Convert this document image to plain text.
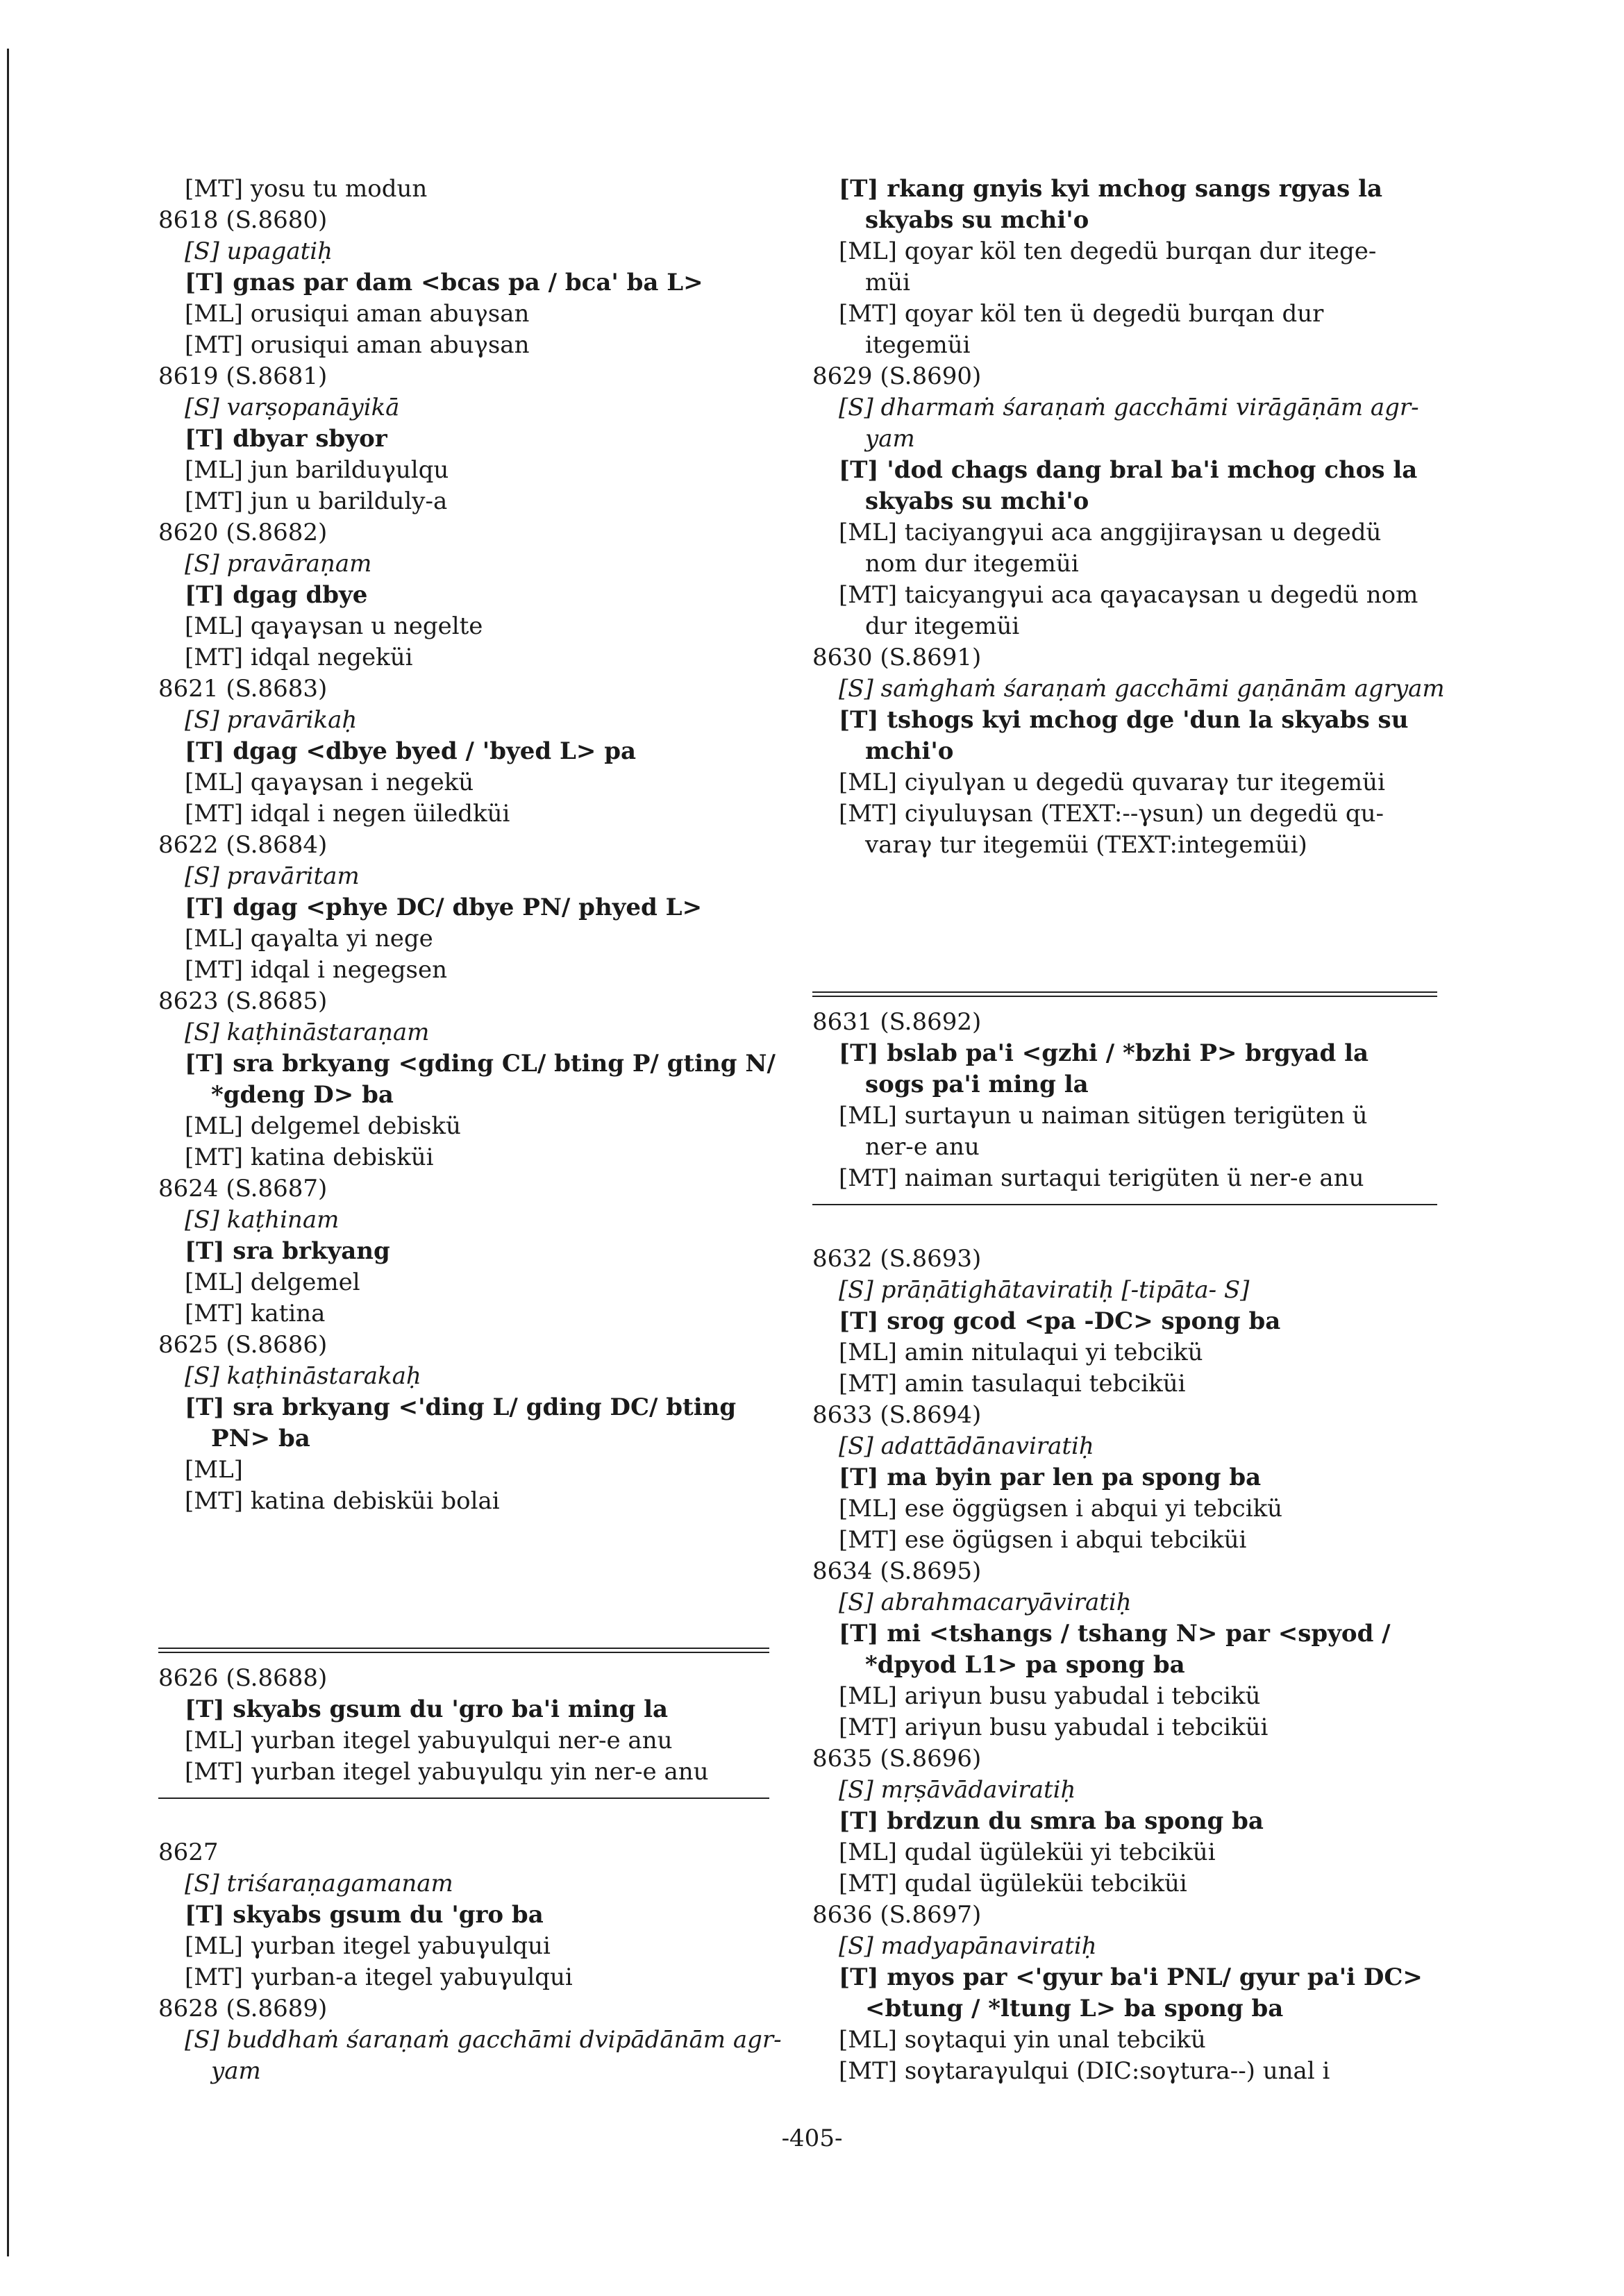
[MT] yosu tu modun
8618 (S.8680)
[S] upagatiḥ
[T] gnas par dam <bcas pa / bca' ba L>
[ML] orusiqui aman abuγsan
[MT] orusiqui aman abuγsan
8619 (S.8681)
[S] varṣopanāyikā
[T] dbyar sbyor
[ML] jun barilduγulqu
[MT] jun u barilduly-a
8620 (S.8682)
[S] pravāraṇam
[T] dgag dbye
[ML] qaγaγsan u negelte
[MT] idqal negeküi
8621 (S.8683)
[S] pravārikaḥ
[T] dgag <dbye byed / 'byed L> pa
[ML] qaγaγsan i negekü
[MT] idqal i negen üiledküi
8622 (S.8684)
[S] pravāritam
[T] dgag <phye DC/ dbye PN/ phyed L>
[ML] qaγalta yi nege
[MT] idqal i negegsen
8623 (S.8685)
[S] kaṭhināstaraṇam
[T] sra brkyang <gding CL/ bting P/ gting N/
*gdeng D> ba
[ML] delgemel debiskü
[MT] katina debisküi
8624 (S.8687)
[S] kaṭhinam
[T] sra brkyang
[ML] delgemel
[MT] katina
8625 (S.8686)
[S] kaṭhināstarakaḥ
[T] sra brkyang <'ding L/ gding DC/ bting
PN> ba
[ML]
[MT] katina debisküi bolai
8626 (S.8688)
[T] skyabs gsum du 'gro ba'i ming la
[ML] γurban itegel yabuγulqui ner-e anu
[MT] γurban itegel yabuγulqu yin ner-e anu
8627
[S] triśaraṇagamanam
[T] skyabs gsum du 'gro ba
[ML] γurban itegel yabuγulqui
[MT] γurban-a itegel yabuγulqui
8628 (S.8689)
[S] buddhaṁ śaraṇaṁ gacchāmi dvipādānām agr-
yam
[T] rkang gnyis kyi mchog sangs rgyas la
skyabs su mchi'o
[ML] qoyar köl ten degedü burqan dur itege-
müi
[MT] qoyar köl ten ü degedü burqan dur
itegemüi
8629 (S.8690)
[S] dharmaṁ śaraṇaṁ gacchāmi virāgāṇām agr-
yam
[T] 'dod chags dang bral ba'i mchog chos la
skyabs su mchi'o
[ML] taciyangγui aca anggijiraγsan u degedü
nom dur itegemüi
[MT] taicyangγui aca qaγacaγsan u degedü nom
dur itegemüi
8630 (S.8691)
[S] saṁghaṁ śaraṇaṁ gacchāmi gaṇānām agryam
[T] tshogs kyi mchog dge 'dun la skyabs su
mchi'o
[ML] ciγulγan u degedü quvaraγ tur itegemüi
[MT] ciγuluγsan (TEXT:--γsun) un degedü qu-
varaγ tur itegemüi (TEXT:integemüi)
8631 (S.8692)
[T] bslab pa'i <gzhi / *bzhi P> brgyad la
sogs pa'i ming la
[ML] surtaγun u naiman sitügen terigüten ü
ner-e anu
[MT] naiman surtaqui terigüten ü ner-e anu
8632 (S.8693)
[S] prāṇātighātaviratiḥ [-tipāta- S]
[T] srog gcod <pa -DC> spong ba
[ML] amin nitulaqui yi tebcikü
[MT] amin tasulaqui tebciküi
8633 (S.8694)
[S] adattādānaviratiḥ
[T] ma byin par len pa spong ba
[ML] ese öggügsen i abqui yi tebcikü
[MT] ese ögügsen i abqui tebciküi
8634 (S.8695)
[S] abrahmacaryāviratiḥ
[T] mi <tshangs / tshang N> par <spyod /
*dpyod L1> pa spong ba
[ML] ariγun busu yabudal i tebcikü
[MT] ariγun busu yabudal i tebciküi
8635 (S.8696)
[S] mṛṣāvādaviratiḥ
[T] brdzun du smra ba spong ba
[ML] qudal ügüleküi yi tebciküi
[MT] qudal ügüleküi tebciküi
8636 (S.8697)
[S] madyapānaviratiḥ
[T] myos par <'gyur ba'i PNL/ gyur pa'i DC>
<btung / *ltung L> ba spong ba
[ML] soγtaqui yin unal tebcikü
[MT] soγtaraγulqui (DIC:soγtura--) unal i
-405-
